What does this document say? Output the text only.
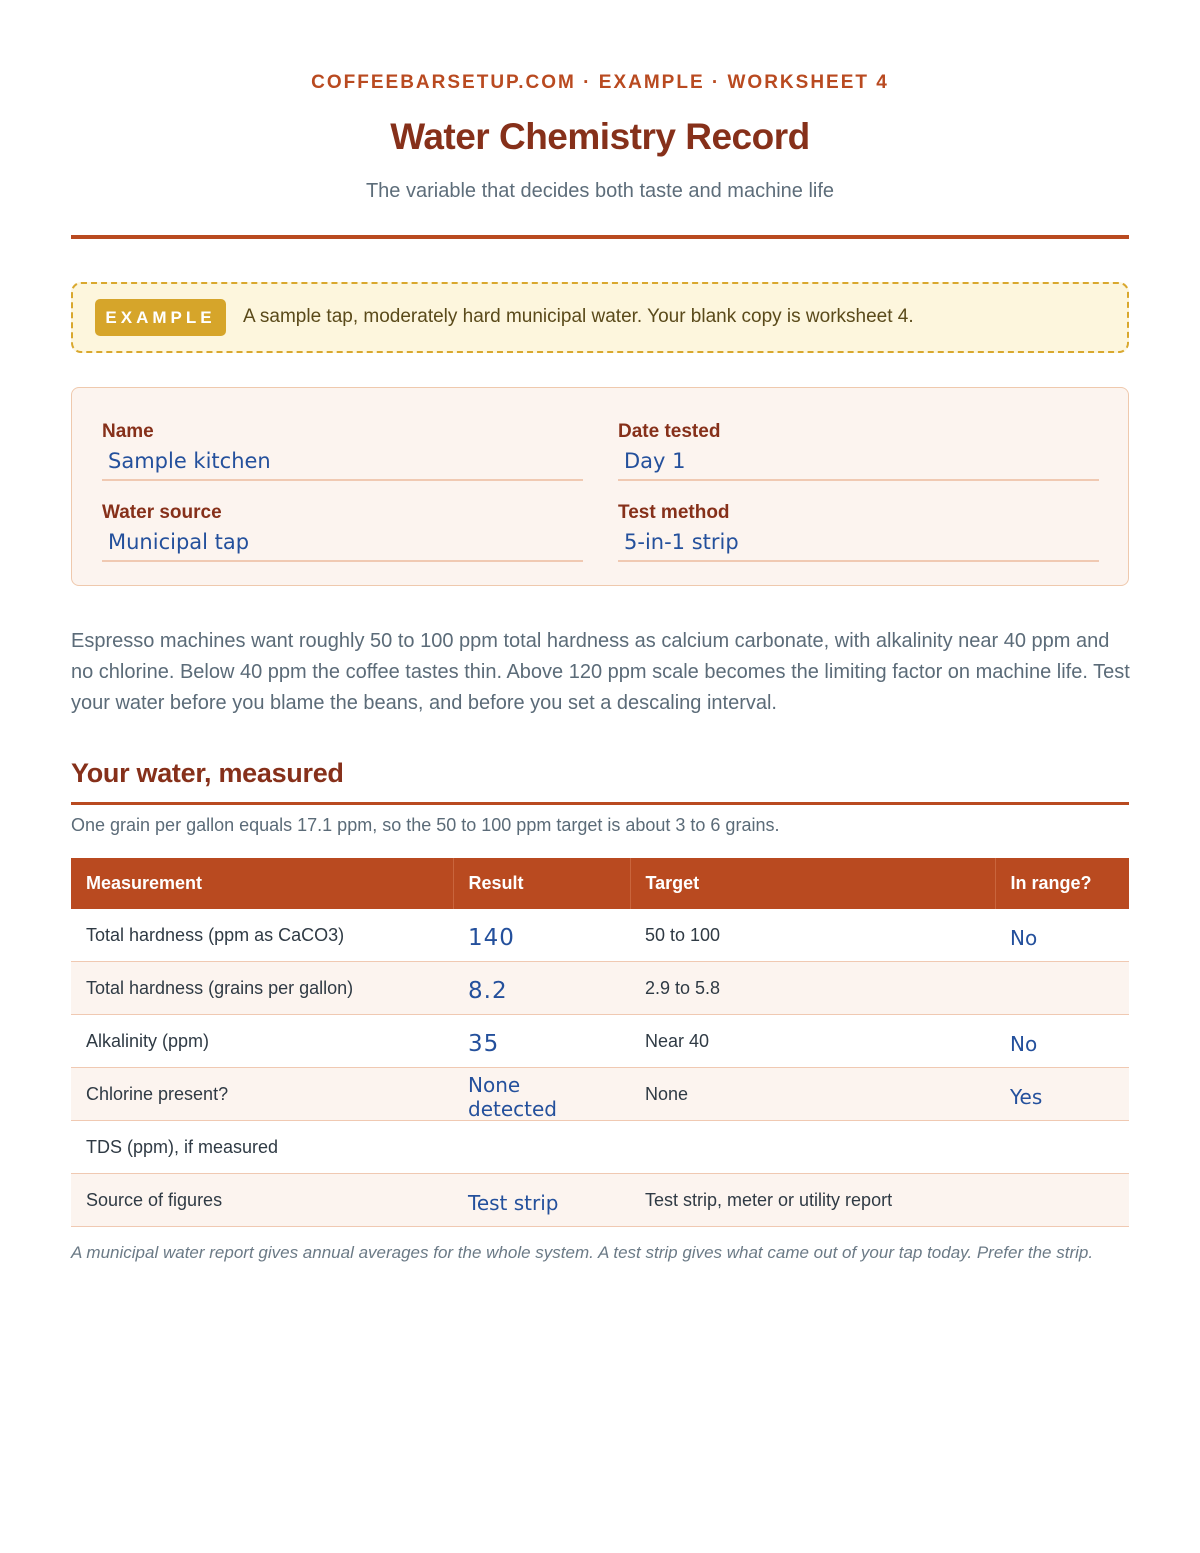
COFFEEBARSETUP.COM · EXAMPLE · WORKSHEET 4
Water Chemistry Record
The variable that decides both taste and machine life
EXAMPLE	A sample tap, moderately hard municipal water. Your blank copy is worksheet 4.
Name
Sample kitchen
Date tested
Day 1
Water source
Municipal tap
Test method
5-in-1 strip
Espresso machines want roughly 50 to 100 ppm total hardness as calcium carbonate, with alkalinity near 40 ppm and no chlorine. Below 40 ppm the coffee tastes thin. Above 120 ppm scale becomes the limiting factor on machine life. Test your water before you blame the beans, and before you set a descaling interval.
Your water, measured
One grain per gallon equals 17.1 ppm, so the 50 to 100 ppm target is about 3 to 6 grains.
Measurement	Result	Target	In range?
Total hardness (ppm as CaCO3)	140	50 to 100	No
Total hardness (grains per gallon)	8.2	2.9 to 5.8	
Alkalinity (ppm)	35	Near 40	No
Chlorine present?	None detected	None	Yes
TDS (ppm), if measured			
Source of figures	Test strip	Test strip, meter or utility report	
A municipal water report gives annual averages for the whole system. A test strip gives what came out of your tap today. Prefer the strip.
